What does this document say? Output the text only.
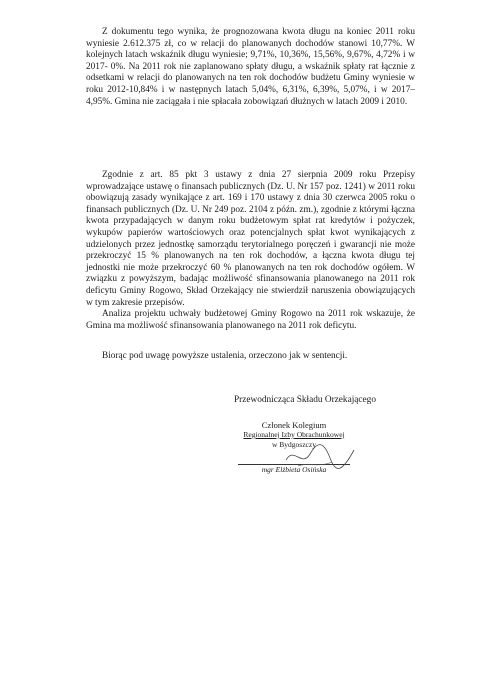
Z dokumentu tego wynika, że prognozowana kwota długu na koniec 2011 roku wyniesie 2.612.375 zł, co w relacji do planowanych dochodów stanowi 10,77%. W kolejnych latach wskaźnik długu wyniesie; 9,71%, 10,36%, 15,56%, 9,67%, 4,72% i w 2017- 0%. Na 2011 rok nie zaplanowano spłaty długu, a wskaźnik spłaty rat łącznie z odsetkami w relacji do planowanych na ten rok dochodów budżetu Gminy wyniesie w roku 2012-10,84% i w następnych latach 5,04%, 6,31%, 6,39%, 5,07%, i w 2017–4,95%. Gmina nie zaciągała i nie spłacała zobowiązań dłużnych w latach 2009 i 2010.

Zgodnie z art. 85 pkt 3 ustawy z dnia 27 sierpnia 2009 roku Przepisy wprowadzające ustawę o finansach publicznych (Dz. U. Nr 157 poz. 1241) w 2011 roku obowiązują zasady wynikające z art. 169 i 170 ustawy z dnia 30 czerwca 2005 roku o finansach publicznych (Dz. U. Nr 249 poz. 2104 z późn. zm.), zgodnie z którymi łączna kwota przypadających w danym roku budżetowym spłat rat kredytów i pożyczek, wykupów papierów wartościowych oraz potencjalnych spłat kwot wynikających z udzielonych przez jednostkę samorządu terytorialnego poręczeń i gwarancji nie może przekroczyć 15 % planowanych na ten rok dochodów, a łączna kwota długu tej jednostki nie może przekroczyć 60 % planowanych na ten rok dochodów ogółem. W związku z powyższym, badając możliwość sfinansowania planowanego na 2011 rok deficytu Gminy Rogowo, Skład Orzekający nie stwierdził naruszenia obowiązujących w tym zakresie przepisów.

Analiza projektu uchwały budżetowej Gminy Rogowo na 2011 rok wskazuje, że Gmina ma możliwość sfinansowania planowanego na 2011 rok deficytu.

Biorąc pod uwagę powyższe ustalenia, orzeczono jak w sentencji.

Przewodnicząca Składu Orzekającego
Członek Kolegium
Regionalnej Izby Obrachunkowej
w Bydgoszczy
mgr Elżbieta Osińska
